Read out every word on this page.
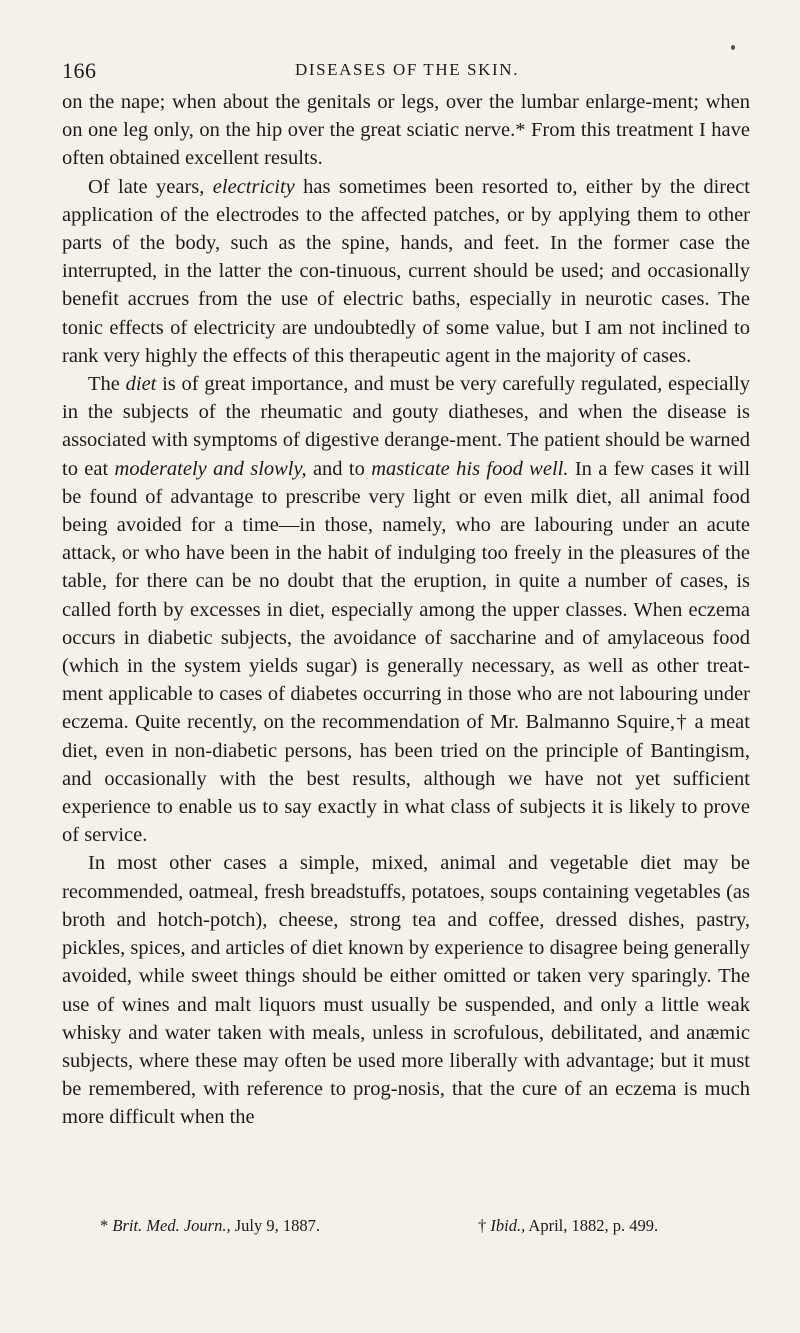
166	DISEASES OF THE SKIN.

on the nape; when about the genitals or legs, over the lumbar enlarge-ment; when on one leg only, on the hip over the great sciatic nerve.* From this treatment I have often obtained excellent results.

Of late years, electricity has sometimes been resorted to, either by the direct application of the electrodes to the affected patches, or by applying them to other parts of the body, such as the spine, hands, and feet. In the former case the interrupted, in the latter the con-tinuous, current should be used; and occasionally benefit accrues from the use of electric baths, especially in neurotic cases. The tonic effects of electricity are undoubtedly of some value, but I am not inclined to rank very highly the effects of this therapeutic agent in the majority of cases.

The diet is of great importance, and must be very carefully regulated, especially in the subjects of the rheumatic and gouty diatheses, and when the disease is associated with symptoms of digestive derange-ment. The patient should be warned to eat moderately and slowly, and to masticate his food well. In a few cases it will be found of advantage to prescribe very light or even milk diet, all animal food being avoided for a time—in those, namely, who are labouring under an acute attack, or who have been in the habit of indulging too freely in the pleasures of the table, for there can be no doubt that the eruption, in quite a number of cases, is called forth by excesses in diet, especially among the upper classes. When eczema occurs in diabetic subjects, the avoidance of saccharine and of amylaceous food (which in the system yields sugar) is generally necessary, as well as other treat-ment applicable to cases of diabetes occurring in those who are not labouring under eczema. Quite recently, on the recommendation of Mr. Balmanno Squire,† a meat diet, even in non-diabetic persons, has been tried on the principle of Bantingism, and occasionally with the best results, although we have not yet sufficient experience to enable us to say exactly in what class of subjects it is likely to prove of service.

In most other cases a simple, mixed, animal and vegetable diet may be recommended, oatmeal, fresh breadstuffs, potatoes, soups containing vegetables (as broth and hotch-potch), cheese, strong tea and coffee, dressed dishes, pastry, pickles, spices, and articles of diet known by experience to disagree being generally avoided, while sweet things should be either omitted or taken very sparingly. The use of wines and malt liquors must usually be suspended, and only a little weak whisky and water taken with meals, unless in scrofulous, debilitated, and anæmic subjects, where these may often be used more liberally with advantage; but it must be remembered, with reference to prog-nosis, that the cure of an eczema is much more difficult when the

* Brit. Med. Journ., July 9, 1887.	† Ibid., April, 1882, p. 499.
